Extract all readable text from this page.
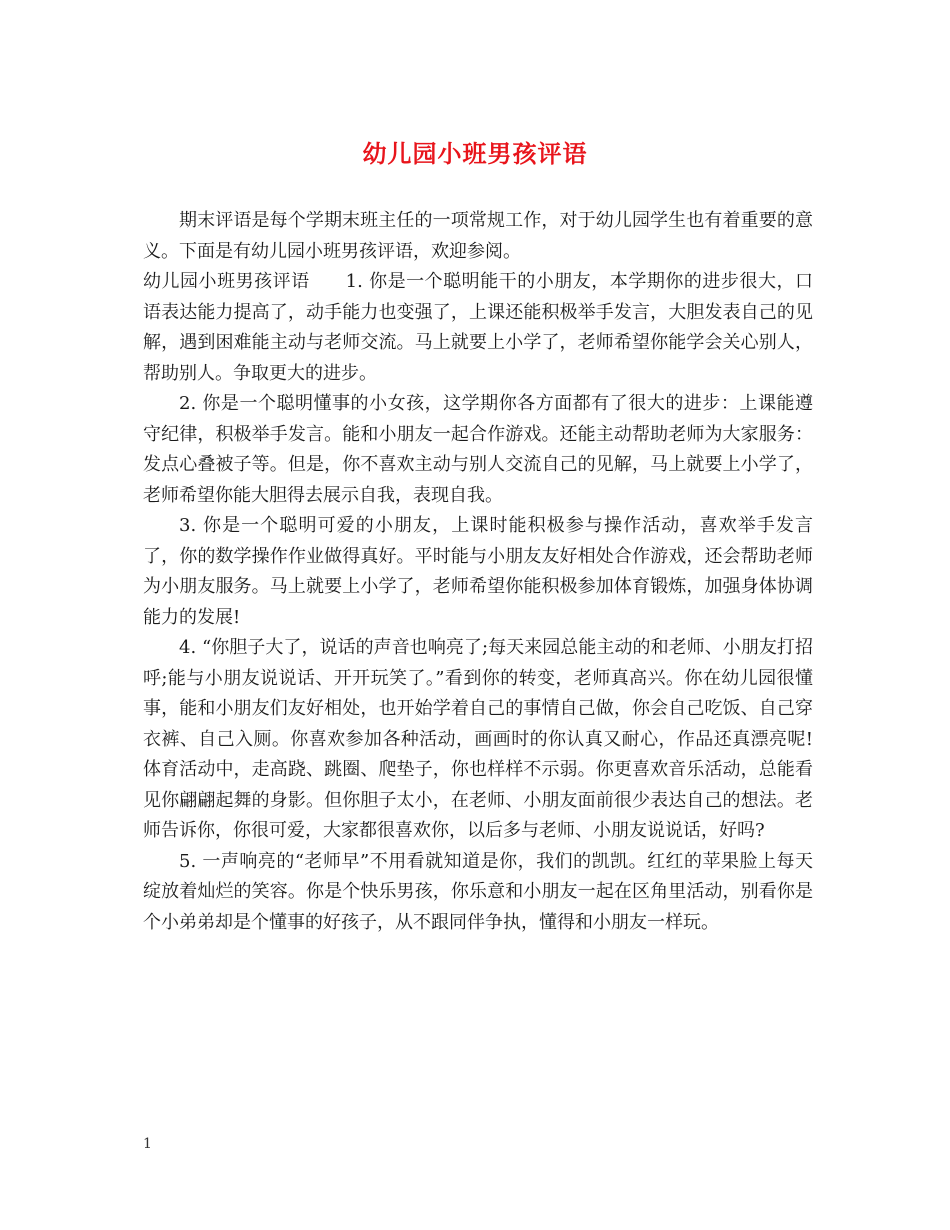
幼儿园小班男孩评语

期末评语是每个学期末班主任的一项常规工作，对于幼儿园学生也有着重要的意义。下面是有幼儿园小班男孩评语，欢迎参阅。

幼儿园小班男孩评语 1. 你是一个聪明能干的小朋友，本学期你的进步很大，口语表达能力提高了，动手能力也变强了，上课还能积极举手发言，大胆发表自己的见解，遇到困难能主动与老师交流。马上就要上小学了，老师希望你能学会关心别人，帮助别人。争取更大的进步。

2. 你是一个聪明懂事的小女孩，这学期你各方面都有了很大的进步：上课能遵守纪律，积极举手发言。能和小朋友一起合作游戏。还能主动帮助老师为大家服务：发点心叠被子等。但是，你不喜欢主动与别人交流自己的见解，马上就要上小学了，老师希望你能大胆得去展示自我，表现自我。

3. 你是一个聪明可爱的小朋友，上课时能积极参与操作活动，喜欢举手发言了，你的数学操作作业做得真好。平时能与小朋友友好相处合作游戏，还会帮助老师为小朋友服务。马上就要上小学了，老师希望你能积极参加体育锻炼，加强身体协调能力的发展!

4. “你胆子大了，说话的声音也响亮了;每天来园总能主动的和老师、小朋友打招呼;能与小朋友说说话、开开玩笑了。”看到你的转变，老师真高兴。你在幼儿园很懂事，能和小朋友们友好相处，也开始学着自己的事情自己做，你会自己吃饭、自己穿衣裤、自己入厕。你喜欢参加各种活动，画画时的你认真又耐心，作品还真漂亮呢!体育活动中，走高跷、跳圈、爬垫子，你也样样不示弱。你更喜欢音乐活动，总能看见你翩翩起舞的身影。但你胆子太小，在老师、小朋友面前很少表达自己的想法。老师告诉你，你很可爱，大家都很喜欢你，以后多与老师、小朋友说说话，好吗?

5. 一声响亮的“老师早”不用看就知道是你，我们的凯凯。红红的苹果脸上每天绽放着灿烂的笑容。你是个快乐男孩，你乐意和小朋友一起在区角里活动，别看你是个小弟弟却是个懂事的好孩子，从不跟同伴争执，懂得和小朋友一样玩。

1
